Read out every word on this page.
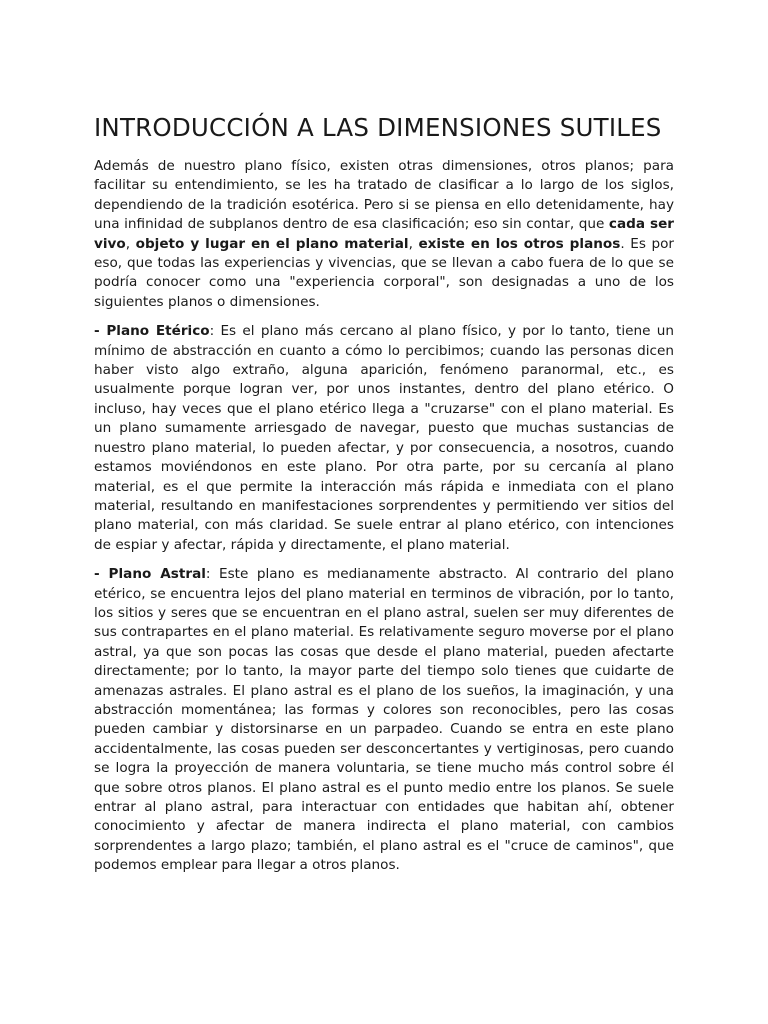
INTRODUCCIÓN A LAS DIMENSIONES SUTILES

Además de nuestro plano físico, existen otras dimensiones, otros planos; para facilitar su entendimiento, se les ha tratado de clasificar a lo largo de los siglos, dependiendo de la tradición esotérica. Pero si se piensa en ello detenidamente, hay una infinidad de subplanos dentro de esa clasificación; eso sin contar, que cada ser vivo, objeto y lugar en el plano material, existe en los otros planos. Es por eso, que todas las experiencias y vivencias, que se llevan a cabo fuera de lo que se podría conocer como una "experiencia corporal", son designadas a uno de los siguientes planos o dimensiones.

- Plano Etérico: Es el plano más cercano al plano físico, y por lo tanto, tiene un mínimo de abstracción en cuanto a cómo lo percibimos; cuando las personas dicen haber visto algo extraño, alguna aparición, fenómeno paranormal, etc., es usualmente porque logran ver, por unos instantes, dentro del plano etérico. O incluso, hay veces que el plano etérico llega a "cruzarse" con el plano material. Es un plano sumamente arriesgado de navegar, puesto que muchas sustancias de nuestro plano material, lo pueden afectar, y por consecuencia, a nosotros, cuando estamos moviéndonos en este plano. Por otra parte, por su cercanía al plano material, es el que permite la interacción más rápida e inmediata con el plano material, resultando en manifestaciones sorprendentes y permitiendo ver sitios del plano material, con más claridad. Se suele entrar al plano etérico, con intenciones de espiar y afectar, rápida y directamente, el plano material.

- Plano Astral: Este plano es medianamente abstracto. Al contrario del plano etérico, se encuentra lejos del plano material en terminos de vibración, por lo tanto, los sitios y seres que se encuentran en el plano astral, suelen ser muy diferentes de sus contrapartes en el plano material. Es relativamente seguro moverse por el plano astral, ya que son pocas las cosas que desde el plano material, pueden afectarte directamente; por lo tanto, la mayor parte del tiempo solo tienes que cuidarte de amenazas astrales. El plano astral es el plano de los sueños, la imaginación, y una abstracción momentánea; las formas y colores son reconocibles, pero las cosas pueden cambiar y distorsinarse en un parpadeo. Cuando se entra en este plano accidentalmente, las cosas pueden ser desconcertantes y vertiginosas, pero cuando se logra la proyección de manera voluntaria, se tiene mucho más control sobre él que sobre otros planos. El plano astral es el punto medio entre los planos. Se suele entrar al plano astral, para interactuar con entidades que habitan ahí, obtener conocimiento y afectar de manera indirecta el plano material, con cambios sorprendentes a largo plazo; también, el plano astral es el "cruce de caminos", que podemos emplear para llegar a otros planos.
